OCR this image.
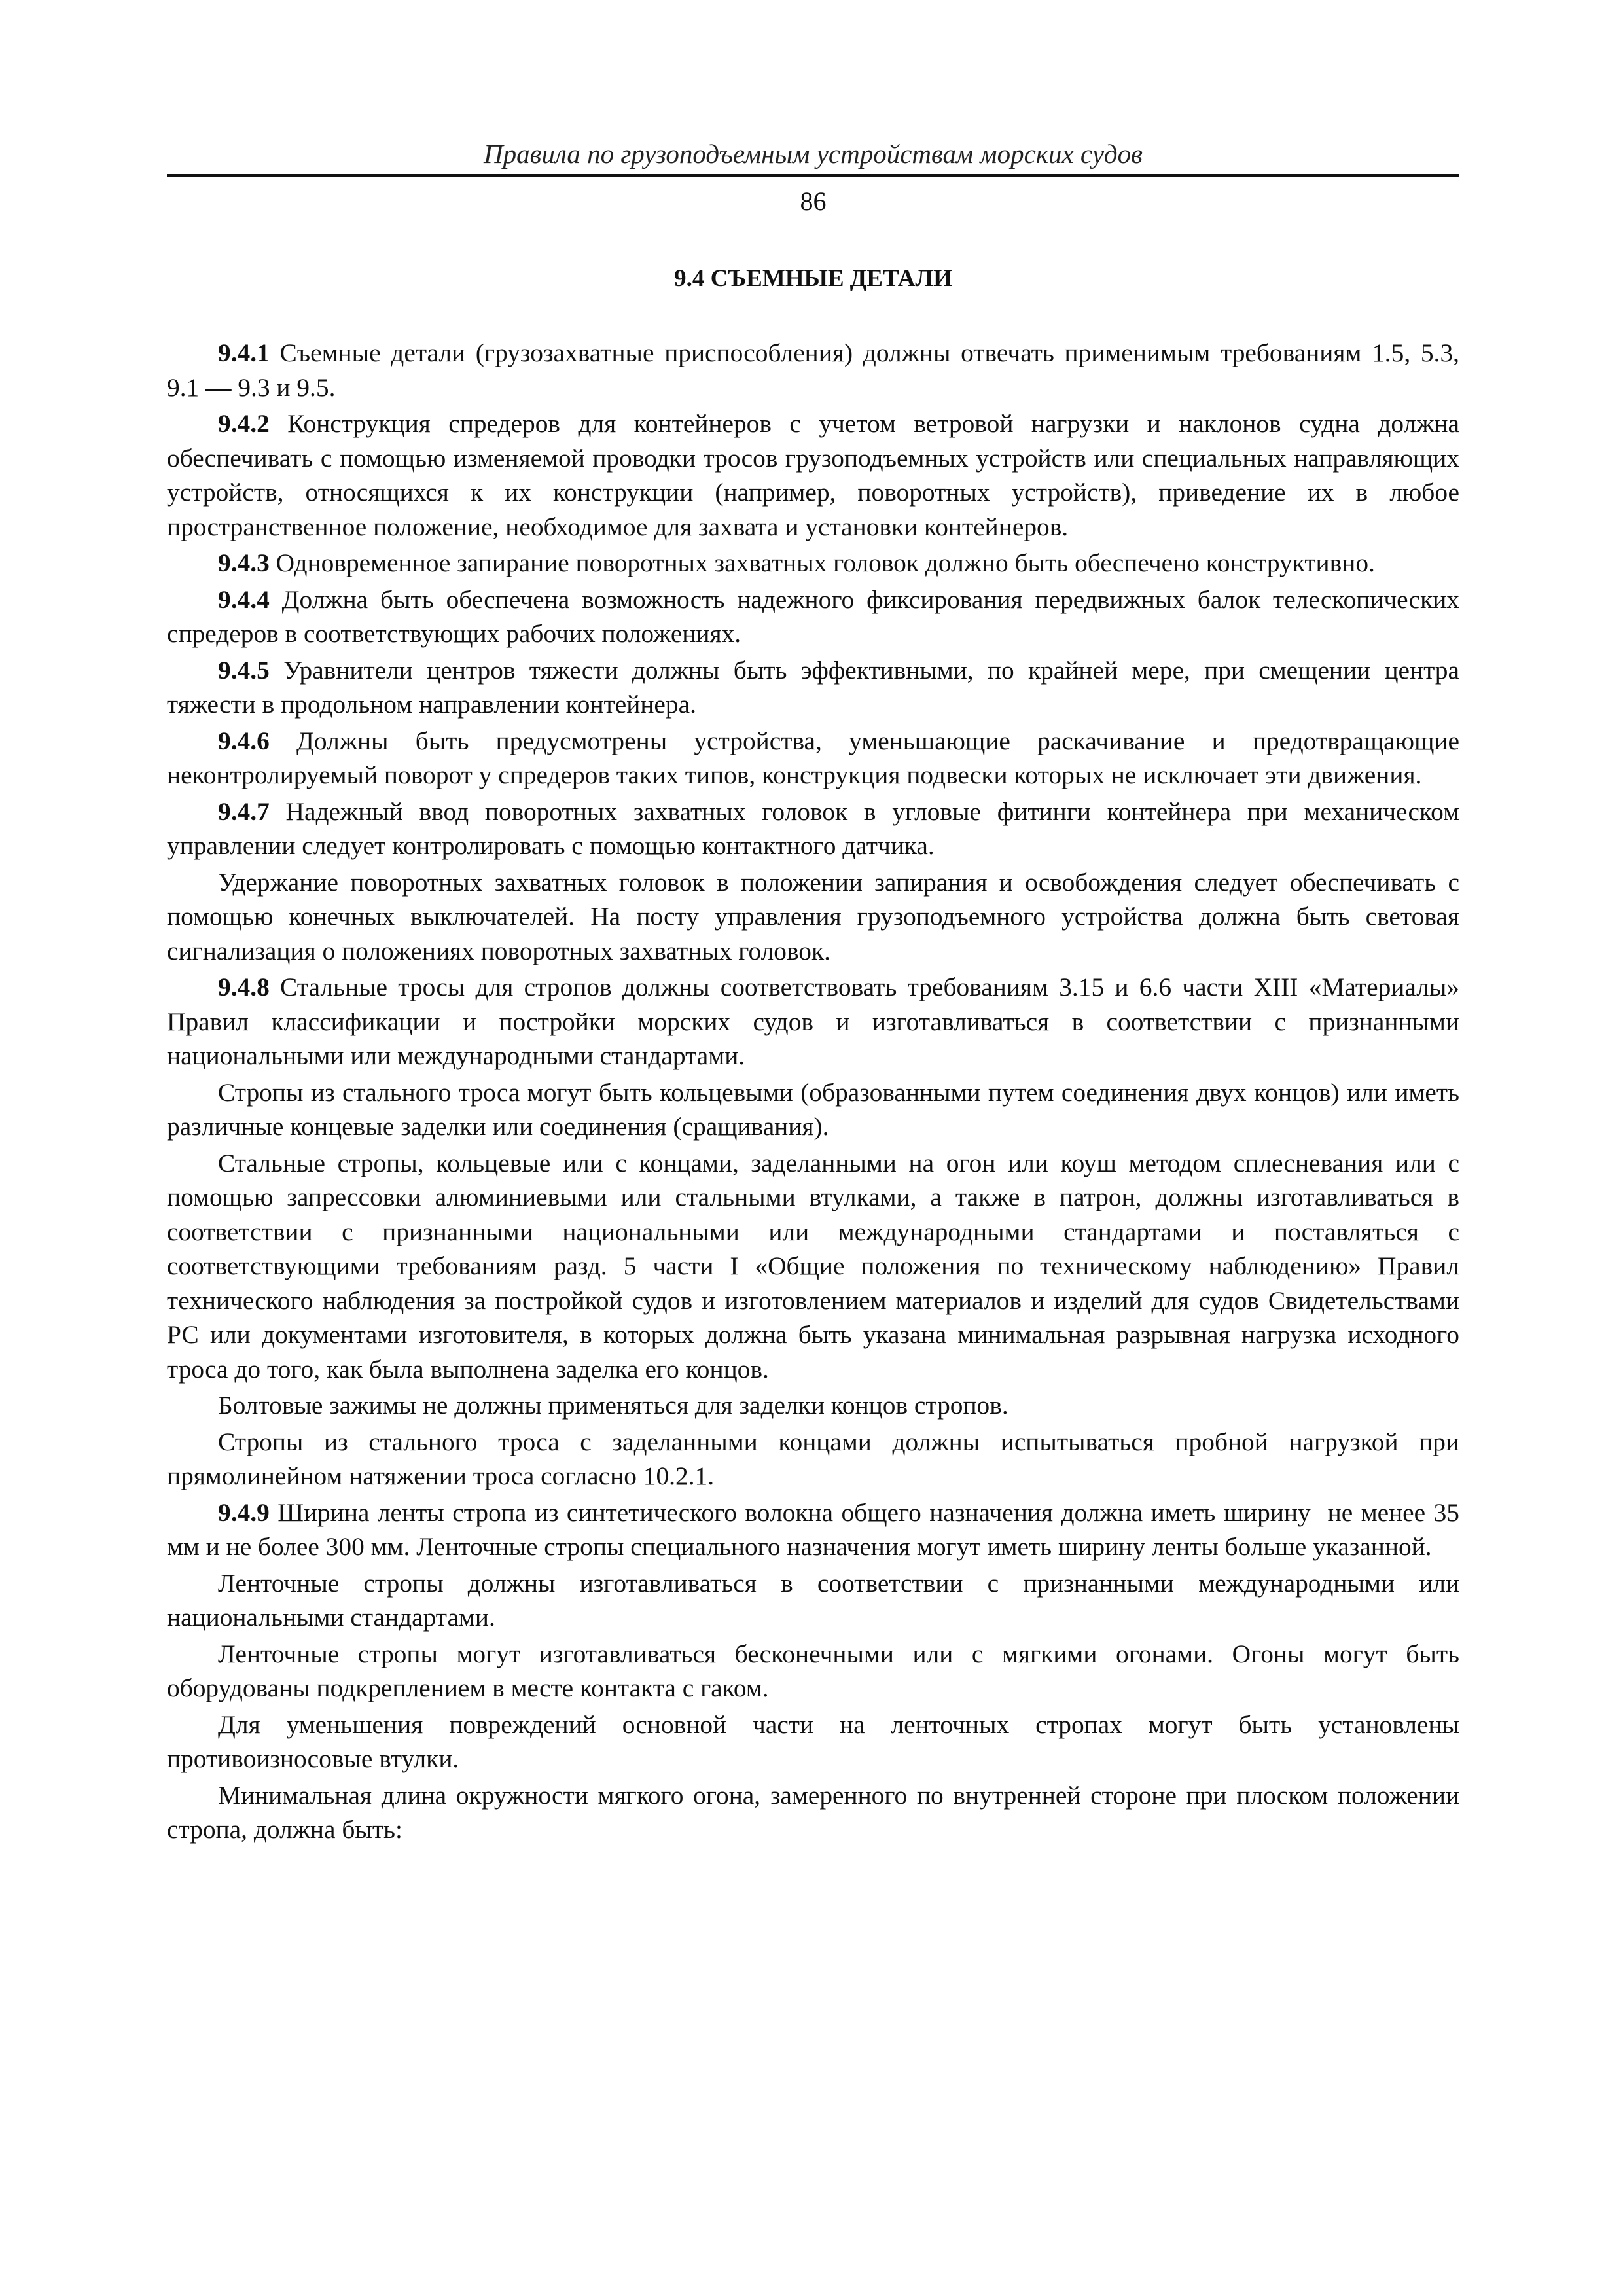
Правила по грузоподъемным устройствам морских судов
86
9.4 СЪЕМНЫЕ ДЕТАЛИ

9.4.1 Съемные детали (грузозахватные приспособления) должны отвечать применимым требованиям 1.5, 5.3, 9.1 — 9.3 и 9.5.

9.4.2 Конструкция спредеров для контейнеров с учетом ветровой нагрузки и наклонов судна должна обеспечивать с помощью изменяемой проводки тросов грузоподъемных устройств или специальных направляющих устройств, относящихся к их конструкции (например, поворотных устройств), приведение их в любое пространственное положение, необходимое для захвата и установки контейнеров.

9.4.3 Одновременное запирание поворотных захватных головок должно быть обеспечено конструктивно.

9.4.4 Должна быть обеспечена возможность надежного фиксирования передвижных балок телескопических спредеров в соответствующих рабочих положениях.

9.4.5 Уравнители центров тяжести должны быть эффективными, по крайней мере, при смещении центра тяжести в продольном направлении контейнера.

9.4.6 Должны быть предусмотрены устройства, уменьшающие раскачивание и предотвращающие неконтролируемый поворот у спредеров таких типов, конструкция подвески которых не исключает эти движения.

9.4.7 Надежный ввод поворотных захватных головок в угловые фитинги контейнера при механическом управлении следует контролировать с помощью контактного датчика.

Удержание поворотных захватных головок в положении запирания и освобождения следует обеспечивать с помощью конечных выключателей. На посту управления грузоподъемного устройства должна быть световая сигнализация о положениях поворотных захватных головок.

9.4.8 Стальные тросы для стропов должны соответствовать требованиям 3.15 и 6.6 части XIII «Материалы» Правил классификации и постройки морских судов и изготавливаться в соответствии с признанными национальными или международными стандартами.

Стропы из стального троса могут быть кольцевыми (образованными путем соединения двух концов) или иметь различные концевые заделки или соединения (сращивания).

Стальные стропы, кольцевые или с концами, заделанными на огон или коуш методом сплесневания или с помощью запрессовки алюминиевыми или стальными втулками, а также в патрон, должны изготавливаться в соответствии с признанными национальными или международными стандартами и поставляться с соответствующими требованиям разд. 5 части I «Общие положения по техническому наблюдению» Правил технического наблюдения за постройкой судов и изготовлением материалов и изделий для судов Свидетельствами РС или документами изготовителя, в которых должна быть указана минимальная разрывная нагрузка исходного троса до того, как была выполнена заделка его концов.

Болтовые зажимы не должны применяться для заделки концов стропов.

Стропы из стального троса с заделанными концами должны испытываться пробной нагрузкой при прямолинейном натяжении троса согласно 10.2.1.

9.4.9 Ширина ленты стропа из синтетического волокна общего назначения должна иметь ширину не менее 35 мм и не более 300 мм. Ленточные стропы специального назначения могут иметь ширину ленты больше указанной.

Ленточные стропы должны изготавливаться в соответствии с признанными международными или национальными стандартами.

Ленточные стропы могут изготавливаться бесконечными или с мягкими огонами. Огоны могут быть оборудованы подкреплением в месте контакта с гаком.

Для уменьшения повреждений основной части на ленточных стропах могут быть установлены противоизносовые втулки.

Минимальная длина окружности мягкого огона, замеренного по внутренней стороне при плоском положении стропа, должна быть:
